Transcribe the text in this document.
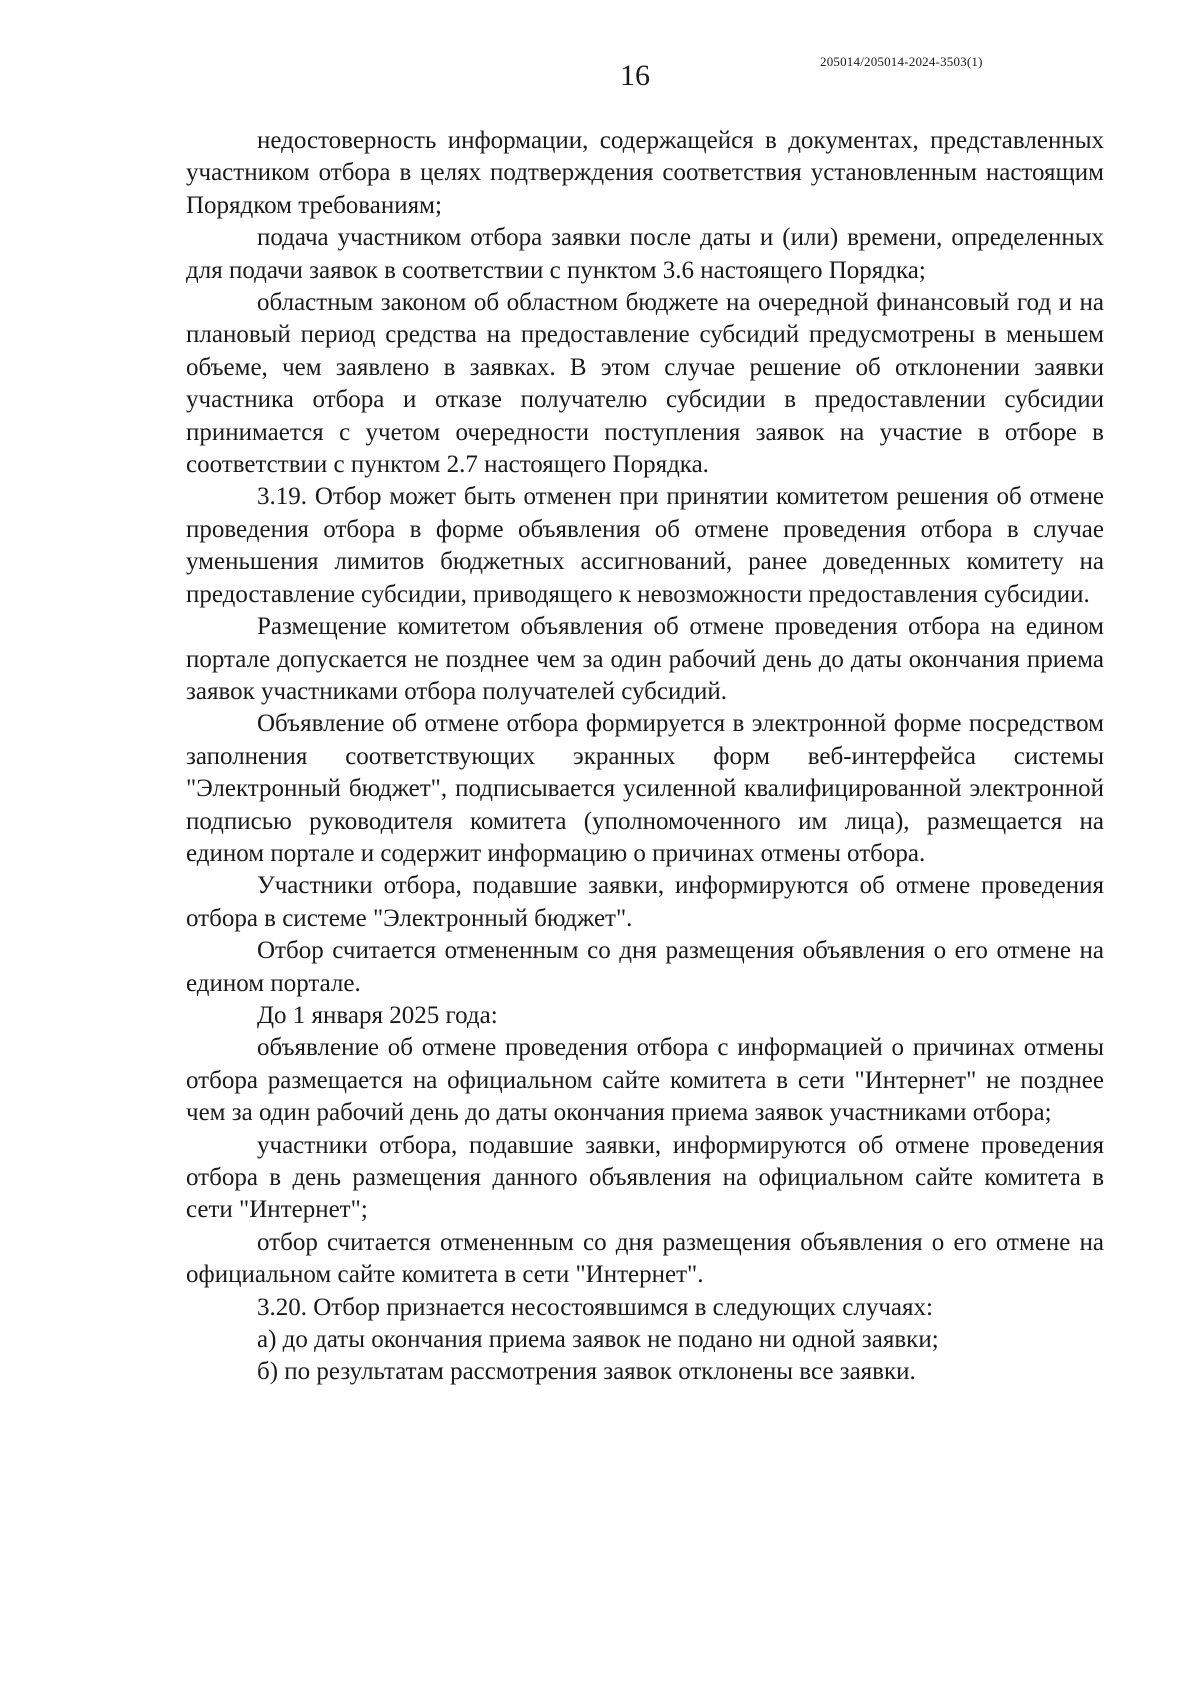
16	205014/205014-2024-3503(1)

недостоверность информации, содержащейся в документах, представленных участником отбора в целях подтверждения соответствия установленным настоящим Порядком требованиям;

подача участником отбора заявки после даты и (или) времени, определенных для подачи заявок в соответствии с пунктом 3.6 настоящего Порядка;

областным законом об областном бюджете на очередной финансовый год и на плановый период средства на предоставление субсидий предусмотрены в меньшем объеме, чем заявлено в заявках. В этом случае решение об отклонении заявки участника отбора и отказе получателю субсидии в предоставлении субсидии принимается с учетом очередности поступления заявок на участие в отборе в соответствии с пунктом 2.7 настоящего Порядка.

3.19. Отбор может быть отменен при принятии комитетом решения об отмене проведения отбора в форме объявления об отмене проведения отбора в случае уменьшения лимитов бюджетных ассигнований, ранее доведенных комитету на предоставление субсидии, приводящего к невозможности предоставления субсидии.

Размещение комитетом объявления об отмене проведения отбора на едином портале допускается не позднее чем за один рабочий день до даты окончания приема заявок участниками отбора получателей субсидий.

Объявление об отмене отбора формируется в электронной форме посредством заполнения соответствующих экранных форм веб-интерфейса системы "Электронный бюджет", подписывается усиленной квалифицированной электронной подписью руководителя комитета (уполномоченного им лица), размещается на едином портале и содержит информацию о причинах отмены отбора.

Участники отбора, подавшие заявки, информируются об отмене проведения отбора в системе "Электронный бюджет".

Отбор считается отмененным со дня размещения объявления о его отмене на едином портале.

До 1 января 2025 года:

объявление об отмене проведения отбора с информацией о причинах отмены отбора размещается на официальном сайте комитета в сети "Интернет" не позднее чем за один рабочий день до даты окончания приема заявок участниками отбора;

участники отбора, подавшие заявки, информируются об отмене проведения отбора в день размещения данного объявления на официальном сайте комитета в сети "Интернет";

отбор считается отмененным со дня размещения объявления о его отмене на официальном сайте комитета в сети "Интернет".

3.20. Отбор признается несостоявшимся в следующих случаях:

а) до даты окончания приема заявок не подано ни одной заявки;

б) по результатам рассмотрения заявок отклонены все заявки.
